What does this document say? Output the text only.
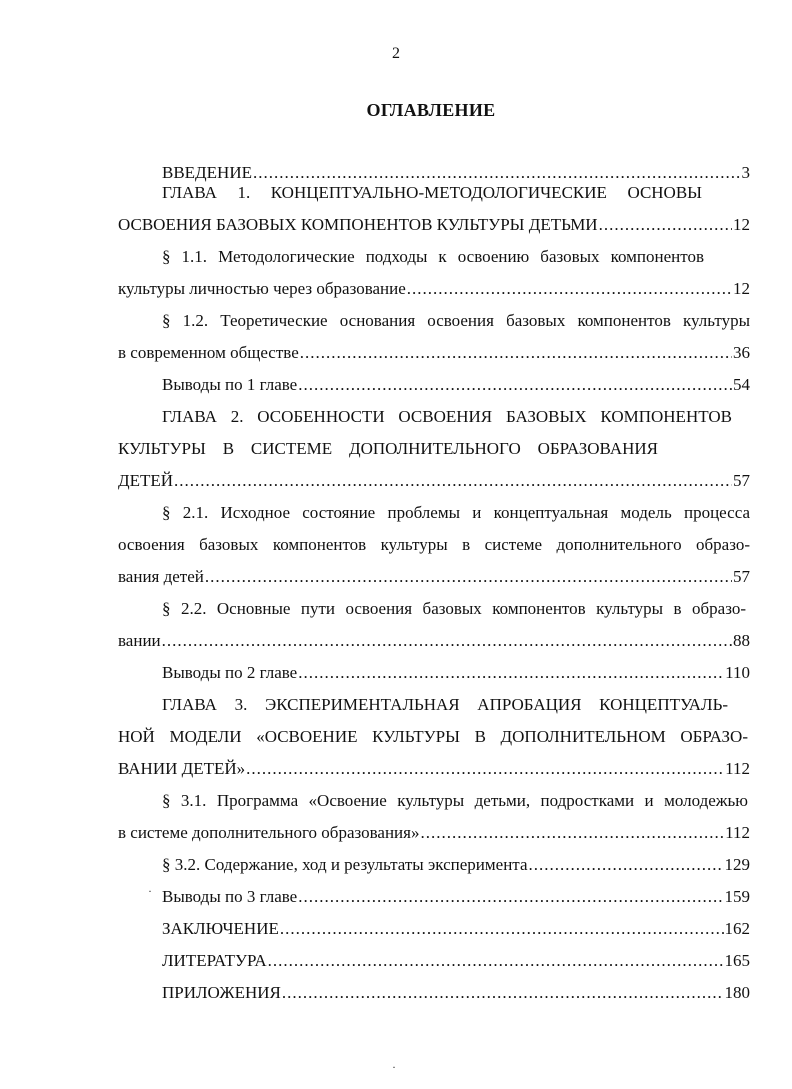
2
ОГЛАВЛЕНИЕ
ВВЕДЕНИЕ .....	3
ГЛАВА 1. КОНЦЕПТУАЛЬНО-МЕТОДОЛОГИЧЕСКИЕ ОСНОВЫ
ОСВОЕНИЯ БАЗОВЫХ КОМПОНЕНТОВ КУЛЬТУРЫ ДЕТЬМИ .....	12
§ 1.1. Методологические подходы к освоению базовых компонентов
культуры личностью через образование .....	12
§ 1.2. Теоретические основания освоения базовых компонентов культуры
в современном обществе .....	36
Выводы по 1 главе .....	54
ГЛАВА 2. ОСОБЕННОСТИ ОСВОЕНИЯ БАЗОВЫХ КОМПОНЕНТОВ
КУЛЬТУРЫ В СИСТЕМЕ ДОПОЛНИТЕЛЬНОГО ОБРАЗОВАНИЯ
ДЕТЕЙ .....	57
§ 2.1. Исходное состояние проблемы и концептуальная модель процесса
освоения базовых компонентов культуры в системе дополнительного образо-
вания детей .....	57
§ 2.2. Основные пути освоения базовых компонентов культуры в образо-
вании .....	88
Выводы по 2 главе .....	110
ГЛАВА 3. ЭКСПЕРИМЕНТАЛЬНАЯ АПРОБАЦИЯ КОНЦЕПТУАЛЬ-
НОЙ МОДЕЛИ «ОСВОЕНИЕ КУЛЬТУРЫ В ДОПОЛНИТЕЛЬНОМ ОБРАЗО-
ВАНИИ ДЕТЕЙ» .....	112
§ 3.1. Программа «Освоение культуры детьми, подростками и молодежью
в системе дополнительного образования» .....	112
§ 3.2. Содержание, ход и результаты эксперимента .....	129
Выводы по 3 главе .....	159
ЗАКЛЮЧЕНИЕ .....	162
ЛИТЕРАТУРА .....	165
ПРИЛОЖЕНИЯ .....	180
·
·
